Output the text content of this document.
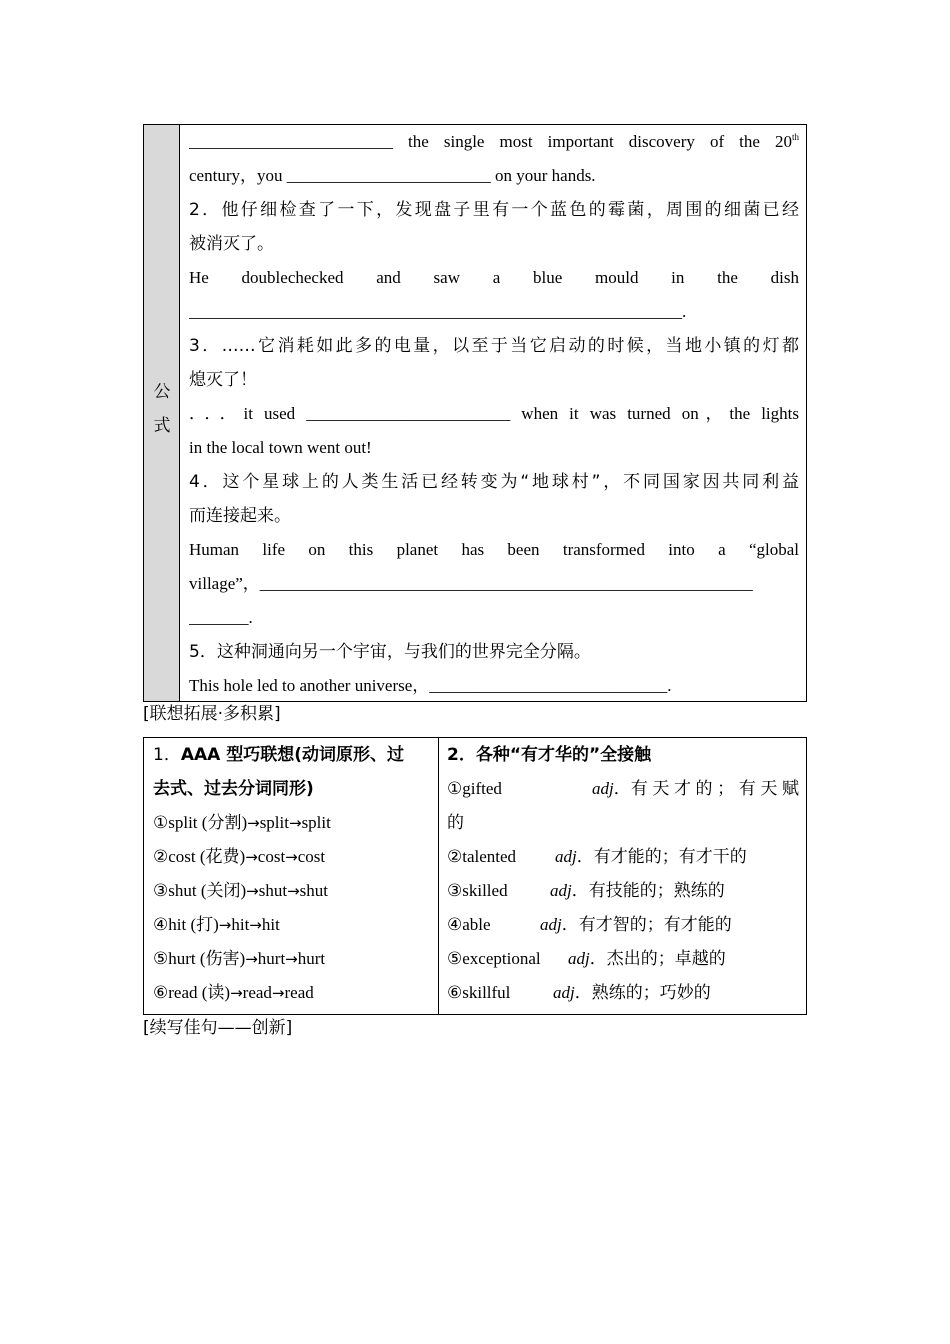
公
式
________________________ the single most important discovery of the 20th
century，you ________________________ on your hands.
2．他仔细检查了一下，发现盘子里有一个蓝色的霉菌，周围的细菌已经
被消灭了。
He doublechecked and saw a blue mould in the dish
__________________________________________________________.
3．……它消耗如此多的电量，以至于当它启动的时候，当地小镇的灯都
熄灭了！
．．．it used ________________________ when it was turned on，the lights
in the local town went out!
4．这个星球上的人类生活已经转变为“地球村”，不同国家因共同利益
而连接起来。
Human life on this planet has been transformed into a “global
village”，__________________________________________________________
_______.
5．这种洞通向另一个宇宙，与我们的世界完全分隔。
This hole led to another universe，____________________________.
[联想拓展·多积累]
1．AAA 型巧联想(动词原形、过
去式、过去分词同形)
①split (分割)→split→split
②cost (花费)→cost→cost
③shut (关闭)→shut→shut
④hit (打)→hit→hit
⑤hurt (伤害)→hurt→hurt
⑥read (读)→read→read
2．各种“有才华的”全接触
①gifted	adj ． 有天才的；有天赋
的
②talented adj．有才能的；有才干的
③skilled adj．有技能的；熟练的
④able	adj．有才智的；有才能的
⑤exceptional adj．杰出的；卓越的
⑥skillful	adj．熟练的；巧妙的
[续写佳句——创新]
